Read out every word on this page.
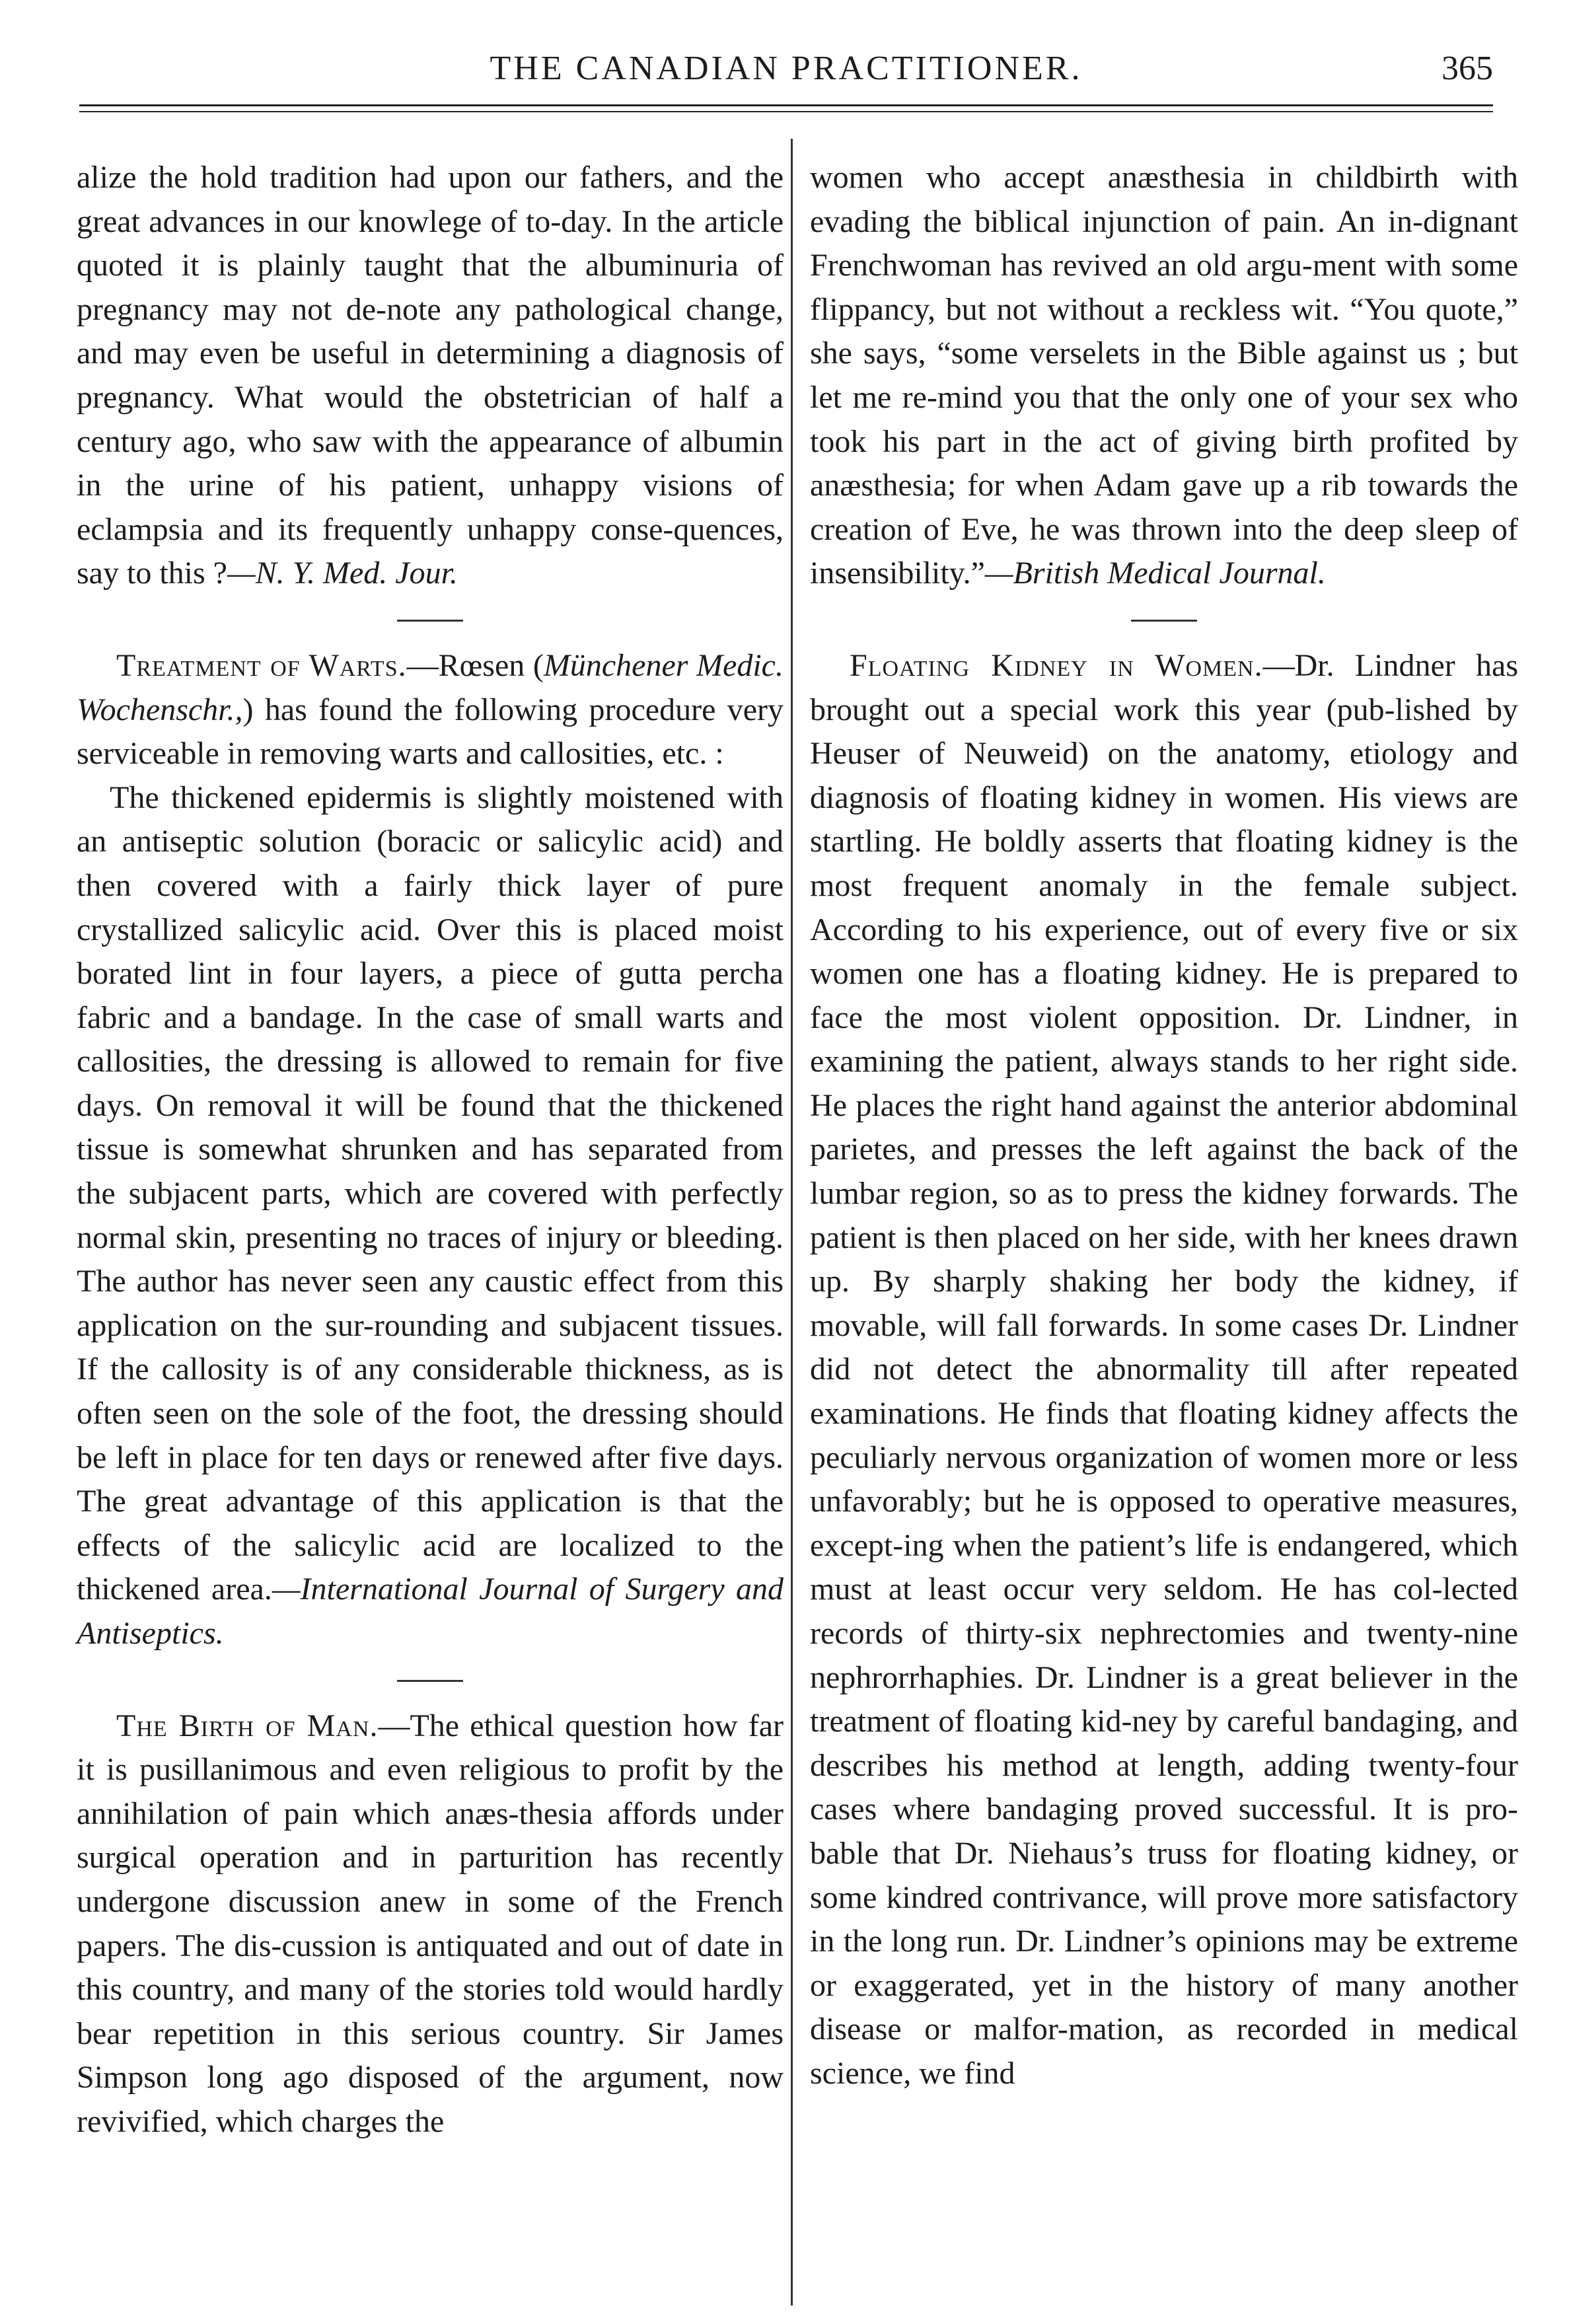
THE CANADIAN PRACTITIONER.	365

alize the hold tradition had upon our fathers, and the great advances in our knowlege of to-day. In the article quoted it is plainly taught that the albuminuria of pregnancy may not de-note any pathological change, and may even be useful in determining a diagnosis of pregnancy. What would the obstetrician of half a century ago, who saw with the appearance of albumin in the urine of his patient, unhappy visions of eclampsia and its frequently unhappy conse-quences, say to this ?—N. Y. Med. Jour.

Treatment of Warts.—Rœsen (Münchener Medic. Wochenschr.,) has found the following procedure very serviceable in removing warts and callosities, etc. :

The thickened epidermis is slightly moistened with an antiseptic solution (boracic or salicylic acid) and then covered with a fairly thick layer of pure crystallized salicylic acid. Over this is placed moist borated lint in four layers, a piece of gutta percha fabric and a bandage. In the case of small warts and callosities, the dressing is allowed to remain for five days. On removal it will be found that the thickened tissue is somewhat shrunken and has separated from the subjacent parts, which are covered with perfectly normal skin, presenting no traces of injury or bleeding. The author has never seen any caustic effect from this application on the sur-rounding and subjacent tissues. If the callosity is of any considerable thickness, as is often seen on the sole of the foot, the dressing should be left in place for ten days or renewed after five days. The great advantage of this application is that the effects of the salicylic acid are localized to the thickened area.—International Journal of Surgery and Antiseptics.

The Birth of Man.—The ethical question how far it is pusillanimous and even religious to profit by the annihilation of pain which anæs-thesia affords under surgical operation and in parturition has recently undergone discussion anew in some of the French papers. The dis-cussion is antiquated and out of date in this country, and many of the stories told would hardly bear repetition in this serious country. Sir James Simpson long ago disposed of the argument, now revivified, which charges the

women who accept anæsthesia in childbirth with evading the biblical injunction of pain. An in-dignant Frenchwoman has revived an old argu-ment with some flippancy, but not without a reckless wit. “You quote,” she says, “some verselets in the Bible against us ; but let me re-mind you that the only one of your sex who took his part in the act of giving birth profited by anæsthesia; for when Adam gave up a rib towards the creation of Eve, he was thrown into the deep sleep of insensibility.”—British Medical Journal.

Floating Kidney in Women.—Dr. Lindner has brought out a special work this year (pub-lished by Heuser of Neuweid) on the anatomy, etiology and diagnosis of floating kidney in women. His views are startling. He boldly asserts that floating kidney is the most frequent anomaly in the female subject. According to his experience, out of every five or six women one has a floating kidney. He is prepared to face the most violent opposition. Dr. Lindner, in examining the patient, always stands to her right side. He places the right hand against the anterior abdominal parietes, and presses the left against the back of the lumbar region, so as to press the kidney forwards. The patient is then placed on her side, with her knees drawn up. By sharply shaking her body the kidney, if movable, will fall forwards. In some cases Dr. Lindner did not detect the abnormality till after repeated examinations. He finds that floating kidney affects the peculiarly nervous organization of women more or less unfavorably; but he is opposed to operative measures, except-ing when the patient’s life is endangered, which must at least occur very seldom. He has col-lected records of thirty-six nephrectomies and twenty-nine nephrorrhaphies. Dr. Lindner is a great believer in the treatment of floating kid-ney by careful bandaging, and describes his method at length, adding twenty-four cases where bandaging proved successful. It is pro-bable that Dr. Niehaus’s truss for floating kidney, or some kindred contrivance, will prove more satisfactory in the long run. Dr. Lindner’s opinions may be extreme or exaggerated, yet in the history of many another disease or malfor-mation, as recorded in medical science, we find
